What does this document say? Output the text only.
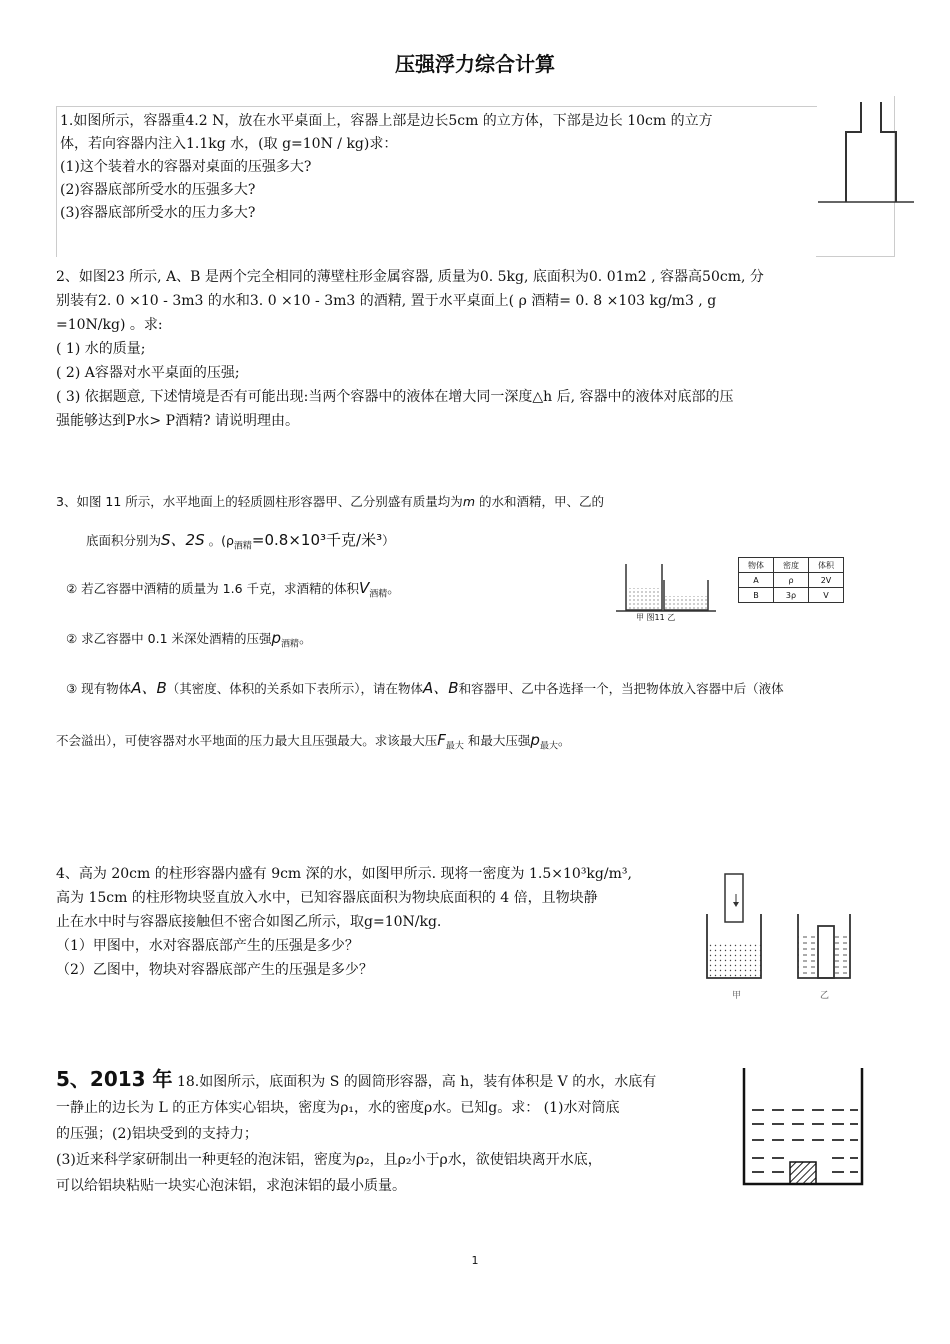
压强浮力综合计算
1.如图所示，容器重4.2 N，放在水平桌面上，容器上部是边长5cm 的立方体，下部是边长 10cm 的立方
体，若向容器内注入1.1kg 水，(取 g=10N / kg)求：
(1)这个装着水的容器对桌面的压强多大?
(2)容器底部所受水的压强多大?
(3)容器底部所受水的压力多大?
2、如图23 所示, A、B 是两个完全相同的薄壁柱形金属容器, 质量为0. 5kg, 底面积为0. 01m2 , 容器高50cm, 分
别装有2. 0 ×10 - 3m3 的水和3. 0 ×10 - 3m3 的酒精, 置于水平桌面上( ρ 酒精= 0. 8 ×103 kg/m3 , g
=10N/kg) 。求:
( 1) 水的质量;
( 2) A容器对水平桌面的压强;
( 3) 依据题意, 下述情境是否有可能出现:当两个容器中的液体在增大同一深度△h 后, 容器中的液体对底部的压
强能够达到P水> P酒精? 请说明理由。
3、如图 11 所示，水平地面上的轻质圆柱形容器甲、乙分别盛有质量均为m 的水和酒精，甲、乙的
底面积分别为S、2S 。($\rho_{酒精}=0.8\times 10^3$千克/米³）
② 若乙容器中酒精的质量为 1.6 千克，求酒精的体积$V_{酒精}$。
② 求乙容器中 0.1 米深处酒精的压强$p_{酒精}$。
③ 现有物体A、B（其密度、体积的关系如下表所示），请在物体A、B和容器甲、乙中各选择一个，当把物体放入容器中后（液体
不会溢出），可使容器对水平地面的压力最大且压强最大。求该最大压$F_{最大}$ 和最大压强$p_{最大}$。
甲 图11 乙
物体	密度	体积
A	ρ	2V
B	3ρ	V
4、高为 20cm 的柱形容器内盛有 9cm 深的水，如图甲所示. 现将一密度为 1.5×10³kg/m³,
高为 15cm 的柱形物块竖直放入水中，已知容器底面积为物块底面积的 4 倍，且物块静
止在水中时与容器底接触但不密合如图乙所示，取g=10N/kg.
（1）甲图中，水对容器底部产生的压强是多少？
（2）乙图中，物块对容器底部产生的压强是多少？
甲	乙
5、2013 年 18.如图所示，底面积为 S 的圆筒形容器，高 h，装有体积是 V 的水，水底有
一静止的边长为 L 的正方体实心铝块，密度为ρ₁，水的密度ρ水。已知g。求： (1)水对筒底
的压强；(2)铝块受到的支持力；
(3)近来科学家研制出一种更轻的泡沫铝，密度为ρ₂，且ρ₂小于ρ水，欲使铝块离开水底，
可以给铝块粘贴一块实心泡沫铝，求泡沫铝的最小质量。
1
